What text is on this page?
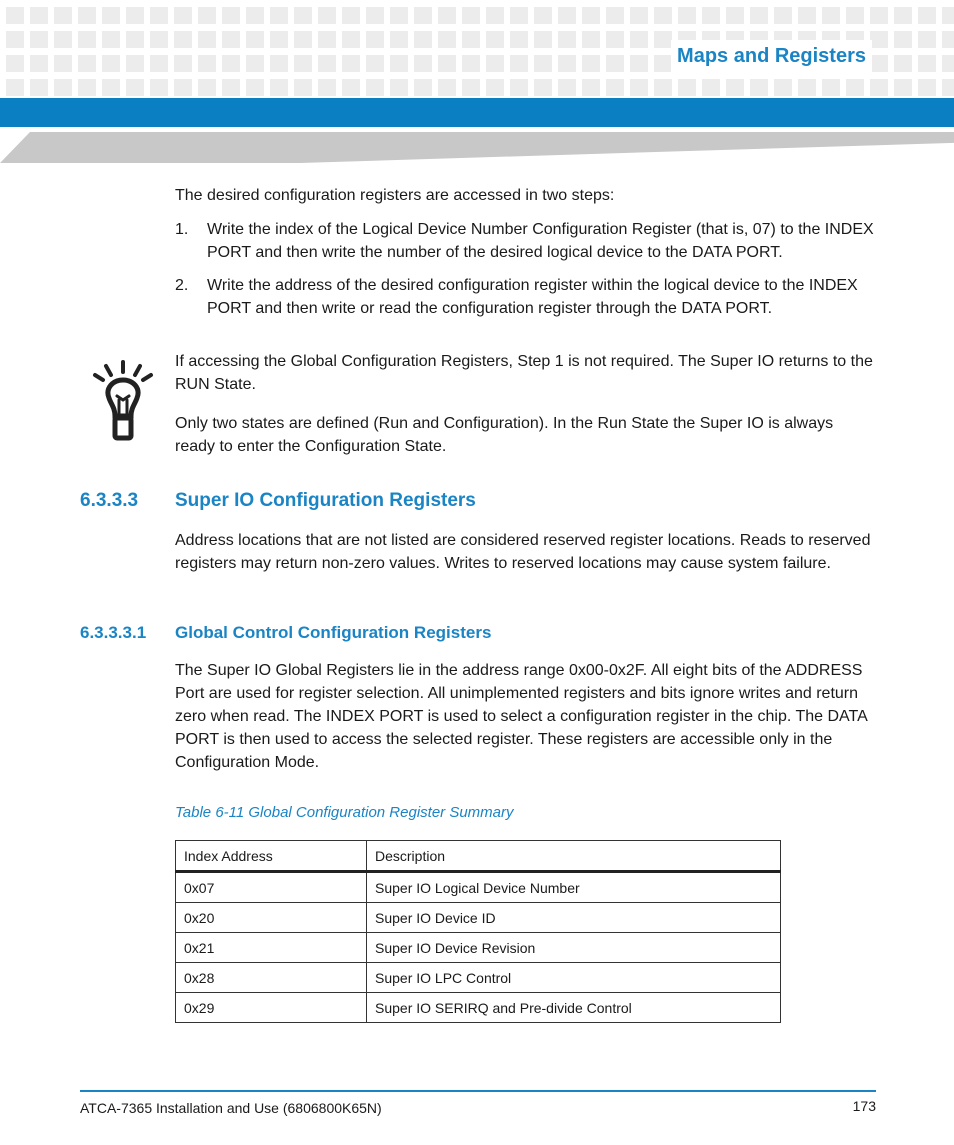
Maps and Registers

The desired configuration registers are accessed in two steps:

1. Write the index of the Logical Device Number Configuration Register (that is, 07) to the INDEX PORT and then write the number of the desired logical device to the DATA PORT.
2. Write the address of the desired configuration register within the logical device to the INDEX PORT and then write or read the configuration register through the DATA PORT.

If accessing the Global Configuration Registers, Step 1 is not required. The Super IO returns to the RUN State.

Only two states are defined (Run and Configuration). In the Run State the Super IO is always ready to enter the Configuration State.

6.3.3.3 Super IO Configuration Registers

Address locations that are not listed are considered reserved register locations. Reads to reserved registers may return non-zero values. Writes to reserved locations may cause system failure.

6.3.3.3.1 Global Control Configuration Registers

The Super IO Global Registers lie in the address range 0x00-0x2F. All eight bits of the ADDRESS Port are used for register selection. All unimplemented registers and bits ignore writes and return zero when read. The INDEX PORT is used to select a configuration register in the chip. The DATA PORT is then used to access the selected register. These registers are accessible only in the Configuration Mode.

Table 6-11 Global Configuration Register Summary
Index Address	Description
0x07	Super IO Logical Device Number
0x20	Super IO Device ID
0x21	Super IO Device Revision
0x28	Super IO LPC Control
0x29	Super IO SERIRQ and Pre-divide Control
ATCA-7365 Installation and Use (6806800K65N)	173
